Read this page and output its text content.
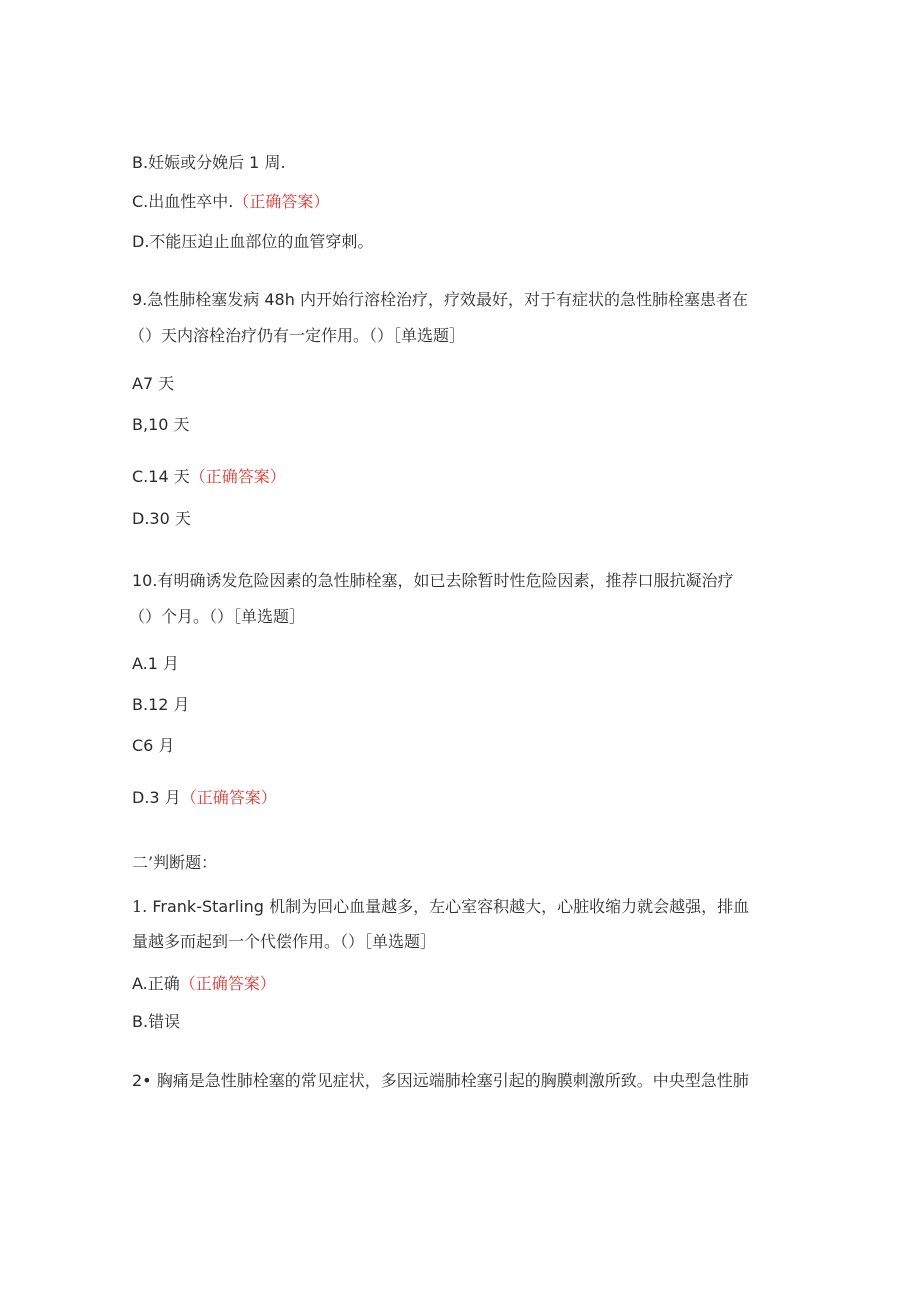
B.妊娠或分娩后 1 周.
C.出血性卒中.（正确答案）
D.不能压迫止血部位的血管穿刺。
9.急性肺栓塞发病 48h 内开始行溶栓治疗，疗效最好，对于有症状的急性肺栓塞患者在
（）天内溶栓治疗仍有一定作用。（）［单选题］
A7 天
B,10 天
C.14 天（正确答案）
D.30 天
10.有明确诱发危险因素的急性肺栓塞，如已去除暂时性危险因素，推荐口服抗凝治疗
（）个月。（）［单选题］
A.1 月
B.12 月
C6 月
D.3 月（正确答案）
二’判断题：
1. Frank-Starling 机制为回心血量越多，左心室容积越大，心脏收缩力就会越强，排血
量越多而起到一个代偿作用。（）［单选题］
A.正确（正确答案）
B.错误
2• 胸痛是急性肺栓塞的常见症状，多因远端肺栓塞引起的胸膜刺激所致。中央型急性肺
